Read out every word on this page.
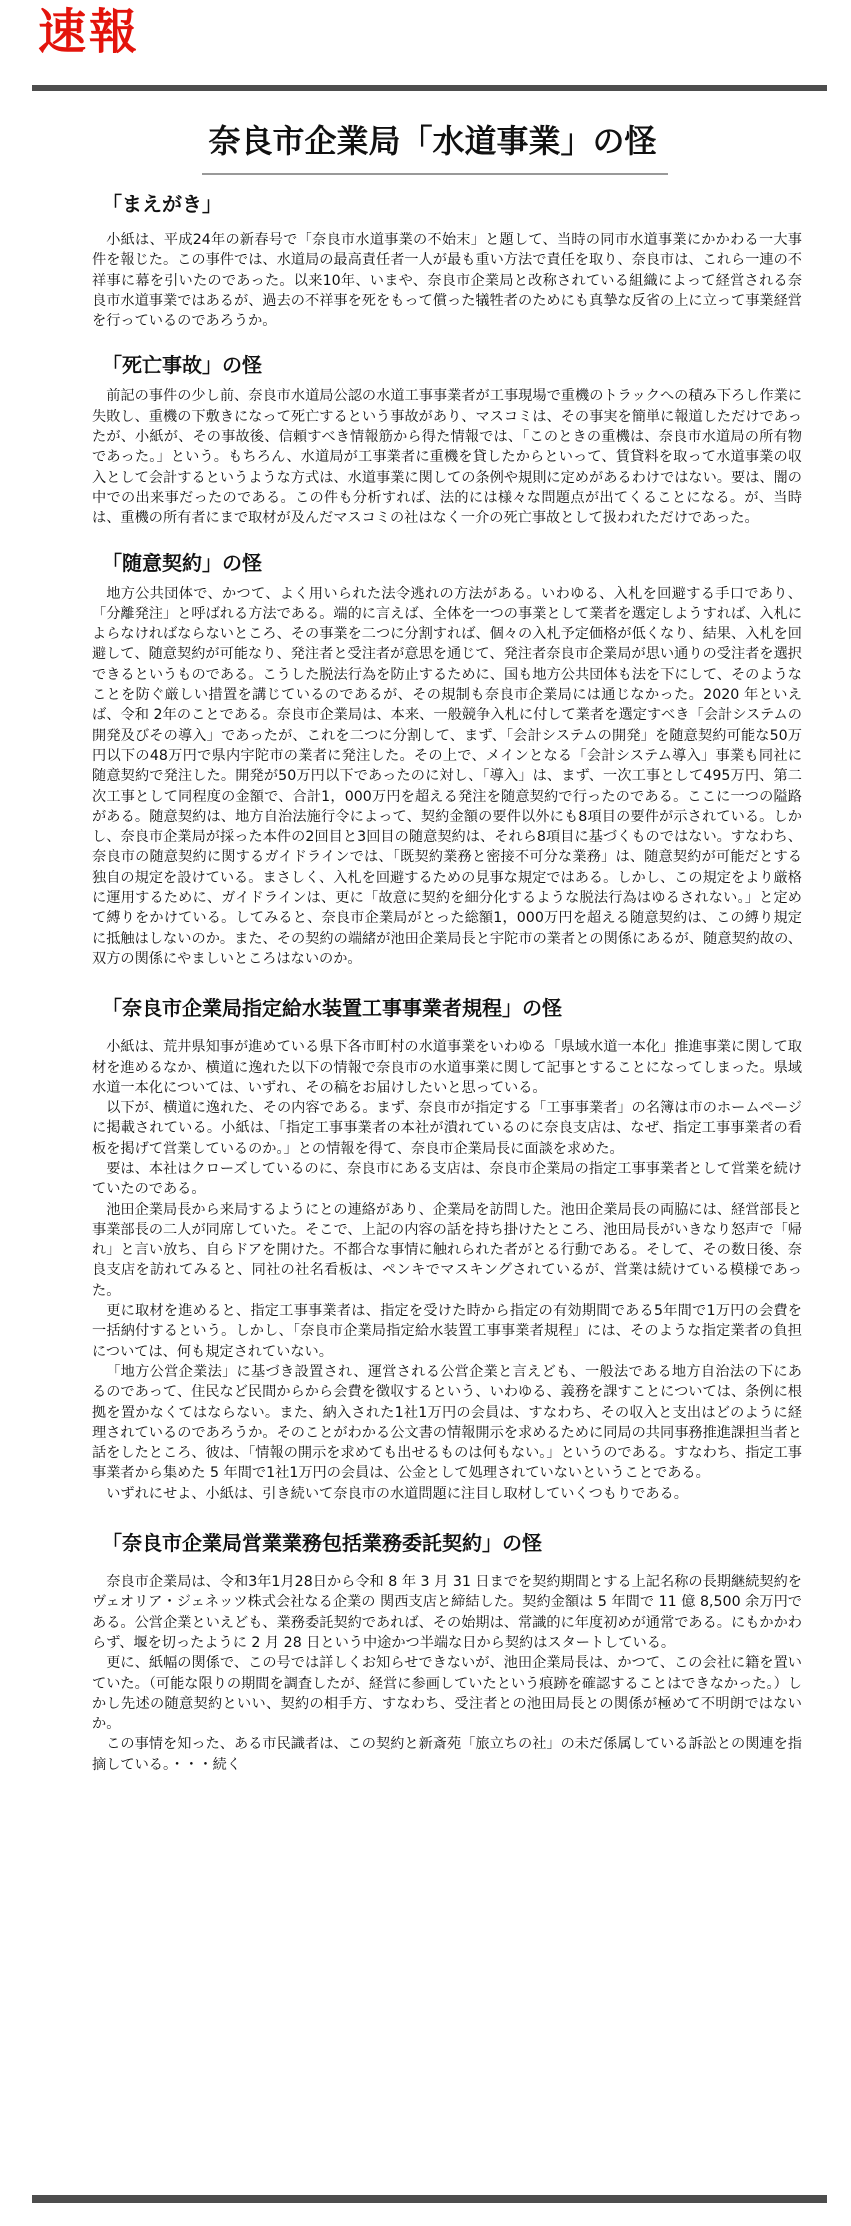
速報
奈良市企業局「水道事業」の怪
「まえがき」

小紙は、平成24年の新春号で「奈良市水道事業の不始末」と題して、当時の同市水道事業にかかわる一大事件を報じた。この事件では、水道局の最高責任者一人が最も重い方法で責任を取り、奈良市は、これら一連の不祥事に幕を引いたのであった。以来10年、いまや、奈良市企業局と改称されている組織によって経営される奈良市水道事業ではあるが、過去の不祥事を死をもって償った犠牲者のためにも真摯な反省の上に立って事業経営を行っているのであろうか。

「死亡事故」の怪

前記の事件の少し前、奈良市水道局公認の水道工事事業者が工事現場で重機のトラックへの積み下ろし作業に失敗し、重機の下敷きになって死亡するという事故があり、マスコミは、その事実を簡単に報道しただけであったが、小紙が、その事故後、信頼すべき情報筋から得た情報では、「このときの重機は、奈良市水道局の所有物であった。」という。もちろん、水道局が工事業者に重機を貸したからといって、賃貸料を取って水道事業の収入として会計するというような方式は、水道事業に関しての条例や規則に定めがあるわけではない。要は、闇の中での出来事だったのである。この件も分析すれば、法的には様々な問題点が出てくることになる。が、当時は、重機の所有者にまで取材が及んだマスコミの社はなく一介の死亡事故として扱われただけであった。

「随意契約」の怪

地方公共団体で、かつて、よく用いられた法令逃れの方法がある。いわゆる、入札を回避する手口であり、「分離発注」と呼ばれる方法である。端的に言えば、全体を一つの事業として業者を選定しようすれば、入札によらなければならないところ、その事業を二つに分割すれば、個々の入札予定価格が低くなり、結果、入札を回避して、随意契約が可能なり、発注者と受注者が意思を通じて、発注者奈良市企業局が思い通りの受注者を選択できるというものである。こうした脱法行為を防止するために、国も地方公共団体も法を下にして、そのようなことを防ぐ厳しい措置を講じているのであるが、その規制も奈良市企業局には通じなかった。2020 年といえば、令和 2年のことである。奈良市企業局は、本来、一般競争入札に付して業者を選定すべき「会計システムの開発及びその導入」であったが、これを二つに分割して、まず、「会計システムの開発」を随意契約可能な50万円以下の48万円で県内宇陀市の業者に発注した。その上で、メインとなる「会計システム導入」事業も同社に随意契約で発注した。開発が50万円以下であったのに対し、「導入」は、まず、一次工事として495万円、第二次工事として同程度の金額で、合計1，000万円を超える発注を随意契約で行ったのである。ここに一つの隘路がある。随意契約は、地方自治法施行令によって、契約金額の要件以外にも8項目の要件が示されている。しかし、奈良市企業局が採った本件の2回目と3回目の随意契約は、それら8項目に基づくものではない。すなわち、奈良市の随意契約に関するガイドラインでは、「既契約業務と密接不可分な業務」は、随意契約が可能だとする独自の規定を設けている。まさしく、入札を回避するための見事な規定ではある。しかし、この規定をより厳格に運用するために、ガイドラインは、更に「故意に契約を細分化するような脱法行為はゆるされない。」と定めて縛りをかけている。してみると、奈良市企業局がとった総額1，000万円を超える随意契約は、この縛り規定に抵触はしないのか。また、その契約の端緒が池田企業局長と宇陀市の業者との関係にあるが、随意契約故の、双方の関係にやましいところはないのか。

「奈良市企業局指定給水装置工事事業者規程」の怪

小紙は、荒井県知事が進めている県下各市町村の水道事業をいわゆる「県域水道一本化」推進事業に関して取材を進めるなか、横道に逸れた以下の情報で奈良市の水道事業に関して記事とすることになってしまった。県域水道一本化については、いずれ、その稿をお届けしたいと思っている。

以下が、横道に逸れた、その内容である。まず、奈良市が指定する「工事事業者」の名簿は市のホームページに掲載されている。小紙は、「指定工事事業者の本社が潰れているのに奈良支店は、なぜ、指定工事事業者の看板を掲げて営業しているのか。」との情報を得て、奈良市企業局長に面談を求めた。

要は、本社はクローズしているのに、奈良市にある支店は、奈良市企業局の指定工事事業者として営業を続けていたのである。

池田企業局長から来局するようにとの連絡があり、企業局を訪問した。池田企業局長の両脇には、経営部長と事業部長の二人が同席していた。そこで、上記の内容の話を持ち掛けたところ、池田局長がいきなり怒声で「帰れ」と言い放ち、自らドアを開けた。不都合な事情に触れられた者がとる行動である。そして、その数日後、奈良支店を訪れてみると、同社の社名看板は、ペンキでマスキングされているが、営業は続けている模様であった。

更に取材を進めると、指定工事事業者は、指定を受けた時から指定の有効期間である5年間で1万円の会費を一括納付するという。しかし、「奈良市企業局指定給水装置工事事業者規程」には、そのような指定業者の負担については、何も規定されていない。

「地方公営企業法」に基づき設置され、運営される公営企業と言えども、一般法である地方自治法の下にあるのであって、住民など民間からから会費を徴収するという、いわゆる、義務を課すことについては、条例に根拠を置かなくてはならない。また、納入された1社1万円の会員は、すなわち、その収入と支出はどのように経理されているのであろうか。そのことがわかる公文書の情報開示を求めるために同局の共同事務推進課担当者と話をしたところ、彼は、「情報の開示を求めても出せるものは何もない。」というのである。すなわち、指定工事事業者から集めた 5 年間で1社1万円の会員は、公金として処理されていないということである。

いずれにせよ、小紙は、引き続いて奈良市の水道問題に注目し取材していくつもりである。

「奈良市企業局営業業務包括業務委託契約」の怪

奈良市企業局は、令和3年1月28日から令和 8 年 3 月 31 日までを契約期間とする上記名称の長期継続契約をヴェオリア・ジェネッツ株式会社なる企業の 関西支店と締結した。契約金額は 5 年間で 11 億 8,500 余万円である。公営企業といえども、業務委託契約であれば、その始期は、常識的に年度初めが通常である。にもかかわらず、堰を切ったように 2 月 28 日という中途かつ半端な日から契約はスタートしている。

更に、紙幅の関係で、この号では詳しくお知らせできないが、池田企業局長は、かつて、この会社に籍を置いていた。（可能な限りの期間を調査したが、経営に参画していたという痕跡を確認することはできなかった。）しかし先述の随意契約といい、契約の相手方、すなわち、受注者との池田局長との関係が極めて不明朗ではないか。

この事情を知った、ある市民識者は、この契約と新斎苑「旅立ちの社」の未だ係属している訴訟との関連を指摘している。・・・続く
